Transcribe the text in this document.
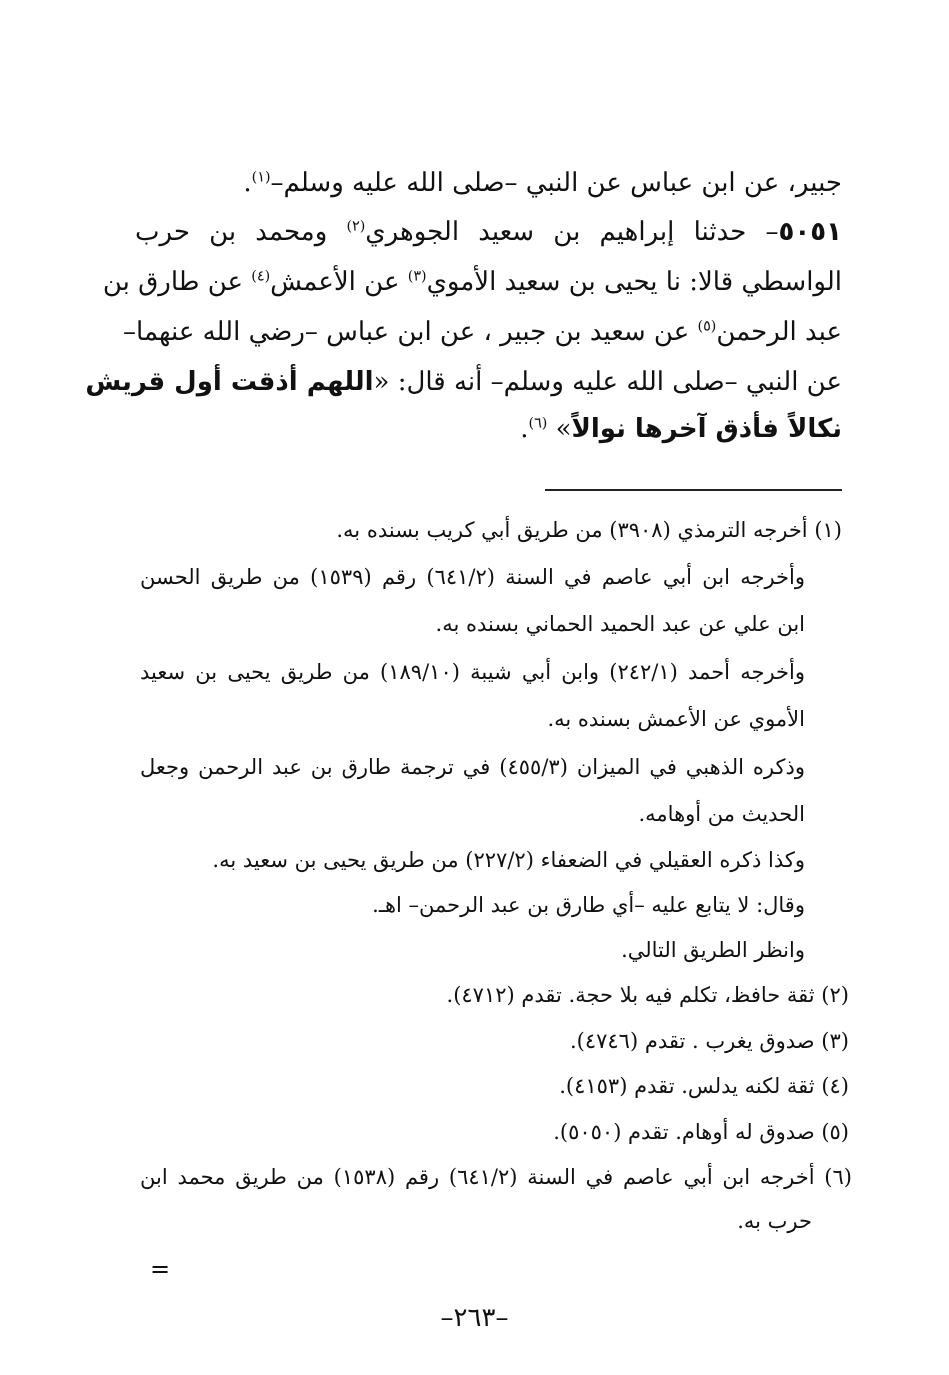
جبير، عن ابن عباس عن النبي –صلى الله عليه وسلم–$^{(١)}$.
٥٠٥١– حدثنا إبراهيم بن سعيد الجوهري$^{(٢)}$ ومحمد بن حرب
الواسطي قالا: نا يحيى بن سعيد الأموي$^{(٣)}$ عن الأعمش$^{(٤)}$ عن طارق بن
عبد الرحمن$^{(٥)}$ عن سعيد بن جبير ، عن ابن عباس –رضي الله عنهما–
عن النبي –صلى الله عليه وسلم– أنه قال: «اللهم أذقت أول قريش
نكالاً فأذق آخرها نوالاً» $^{(٦)}$.
(١) أخرجه الترمذي (٣٩٠٨) من طريق أبي كريب بسنده به.
وأخرجه ابن أبي عاصم في السنة (٦٤١/٢) رقم (١٥٣٩) من طريق الحسن
ابن علي عن عبد الحميد الحماني بسنده به.
وأخرجه أحمد (٢٤٢/١) وابن أبي شيبة (١٨٩/١٠) من طريق يحيى بن سعيد
الأموي عن الأعمش بسنده به.
وذكره الذهبي في الميزان (٤٥٥/٣) في ترجمة طارق بن عبد الرحمن وجعل
الحديث من أوهامه.
وكذا ذكره العقيلي في الضعفاء (٢٢٧/٢) من طريق يحيى بن سعيد به.
وقال: لا يتابع عليه –أي طارق بن عبد الرحمن– اهـ.
وانظر الطريق التالي.
(٢) ثقة حافظ، تكلم فيه بلا حجة. تقدم (٤٧١٢).
(٣) صدوق يغرب . تقدم (٤٧٤٦).
(٤) ثقة لكنه يدلس. تقدم (٤١٥٣).
(٥) صدوق له أوهام. تقدم (٥٠٥٠).
(٦) أخرجه ابن أبي عاصم في السنة (٦٤١/٢) رقم (١٥٣٨) من طريق محمد ابن
حرب به.
=
–٢٦٣–
